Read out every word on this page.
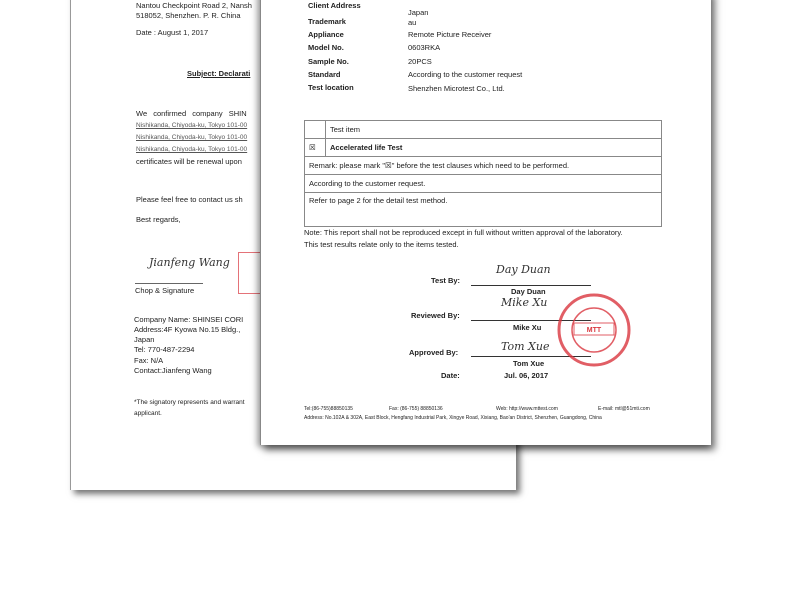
Nantou Checkpoint Road 2, Nansh
518052, Shenzhen. P. R. China
Date : August 1, 2017
Subject: Declarati
We confirmed company SHIN
Nishikanda, Chiyoda-ku, Tokyo 101-00
Nishikanda, Chiyoda-ku, Tokyo 101-00
Nishikanda, Chiyoda-ku, Tokyo 101-00
certificates will be renewal upon
Please feel free to contact us sh
Best regards,
Jianfeng Wang
Chop & Signature
Company Name: SHINSEI CORI
Address:4F Kyowa No.15 Bldg.,
Japan
Tel: 770-487-2294
Fax: N/A
Contact:Jianfeng Wang
*The signatory represents and warrant
applicant.
Client Address
Japan
Trademark	au
Appliance	Remote Picture Receiver
Model No.	0603RKA
Sample No.	20PCS
Standard	According to the customer request
Test location	Shenzhen Microtest Co., Ltd.
	Test item
☒	Accelerated life Test
Remark: please mark "☒" before the test clauses which need to be performed.	
According to the customer request.	
Refer to page 2 for the detail test method.	
Note: This report shall not be reproduced except in full without written approval of the laboratory.
This test results relate only to the items tested.
Test By:
Day Duan
Day Duan
Reviewed By:
Mike Xu
Mike Xu
Approved By:	Tom Xue
Tom Xue
Date:	Jul. 06, 2017
MTT
Tel:(86-755)88850135	Fax: (86-755) 88850136	Web: http://www.mttest.com	E-mail: mtl@51mti.com
Address: No.102A & 302A, East Block, Hengfang Industrial Park, Xingye Road, Xixiang, Bao'an District, Shenzhen, Guangdong, China
